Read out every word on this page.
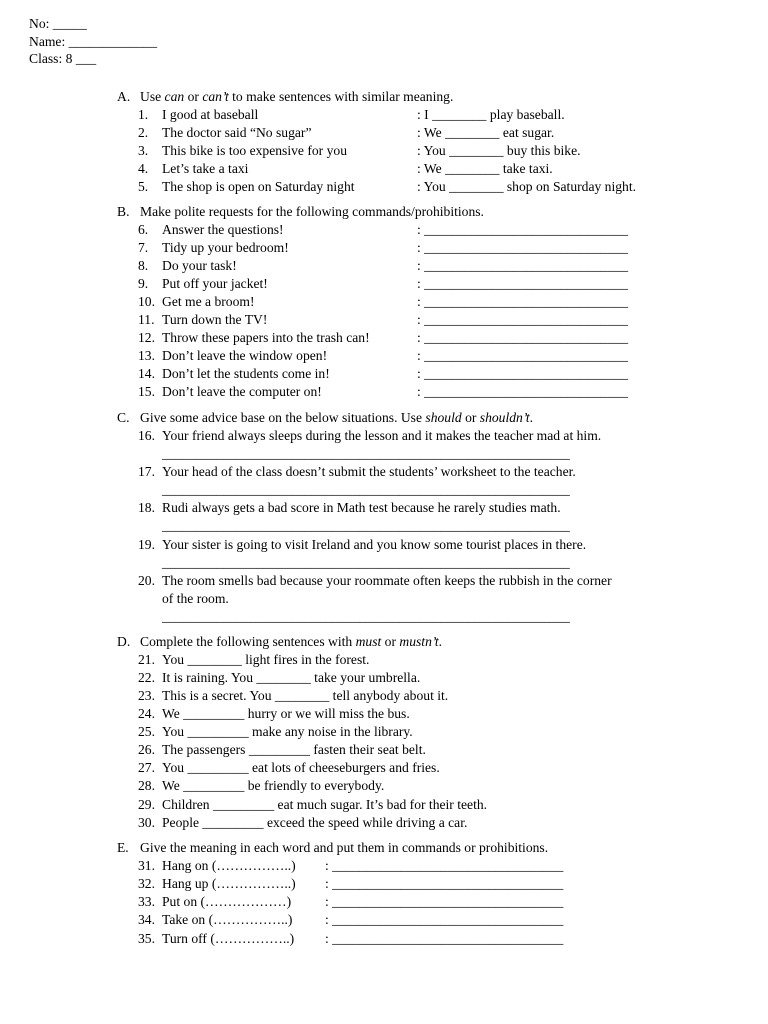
No: _____
Name: _____________
Class: 8 ___
A. Use can or can’t to make sentences with similar meaning.
1. I good at baseball	: I ________ play baseball.
2. The doctor said “No sugar”	: We ________ eat sugar.
3. This bike is too expensive for you	: You ________ buy this bike.
4. Let’s take a taxi	: We ________ take taxi.
5. The shop is open on Saturday night	: You ________ shop on Saturday night.
B. Make polite requests for the following commands/prohibitions.
6. Answer the questions!	: ______________________________
7. Tidy up your bedroom!	: ______________________________
8. Do your task!	: ______________________________
9. Put off your jacket!	: ______________________________
10. Get me a broom!	: ______________________________
11. Turn down the TV!	: ______________________________
12. Throw these papers into the trash can!	: ______________________________
13. Don’t leave the window open!	: ______________________________
14. Don’t let the students come in!	: ______________________________
15. Don’t leave the computer on!	: ______________________________
C. Give some advice base on the below situations. Use should or shouldn’t.
16. Your friend always sleeps during the lesson and it makes the teacher mad at him.
____________________________________________________________
17. Your head of the class doesn’t submit the students’ worksheet to the teacher.
____________________________________________________________
18. Rudi always gets a bad score in Math test because he rarely studies math.
____________________________________________________________
19. Your sister is going to visit Ireland and you know some tourist places in there.
____________________________________________________________
20. The room smells bad because your roommate often keeps the rubbish in the corner
of the room.
____________________________________________________________
D. Complete the following sentences with must or mustn’t.
21. You ________ light fires in the forest.
22. It is raining. You ________ take your umbrella.
23. This is a secret. You ________ tell anybody about it.
24. We _________ hurry or we will miss the bus.
25. You _________ make any noise in the library.
26. The passengers _________ fasten their seat belt.
27. You _________ eat lots of cheeseburgers and fries.
28. We _________ be friendly to everybody.
29. Children _________ eat much sugar. It’s bad for their teeth.
30. People _________ exceed the speed while driving a car.
E. Give the meaning in each word and put them in commands or prohibitions.
31. Hang on (……………..) : __________________________________
32. Hang up (……………..) : __________________________________
33. Put on (………………) : __________________________________
34. Take on (……………..) : __________________________________
35. Turn off (……………..) : __________________________________
